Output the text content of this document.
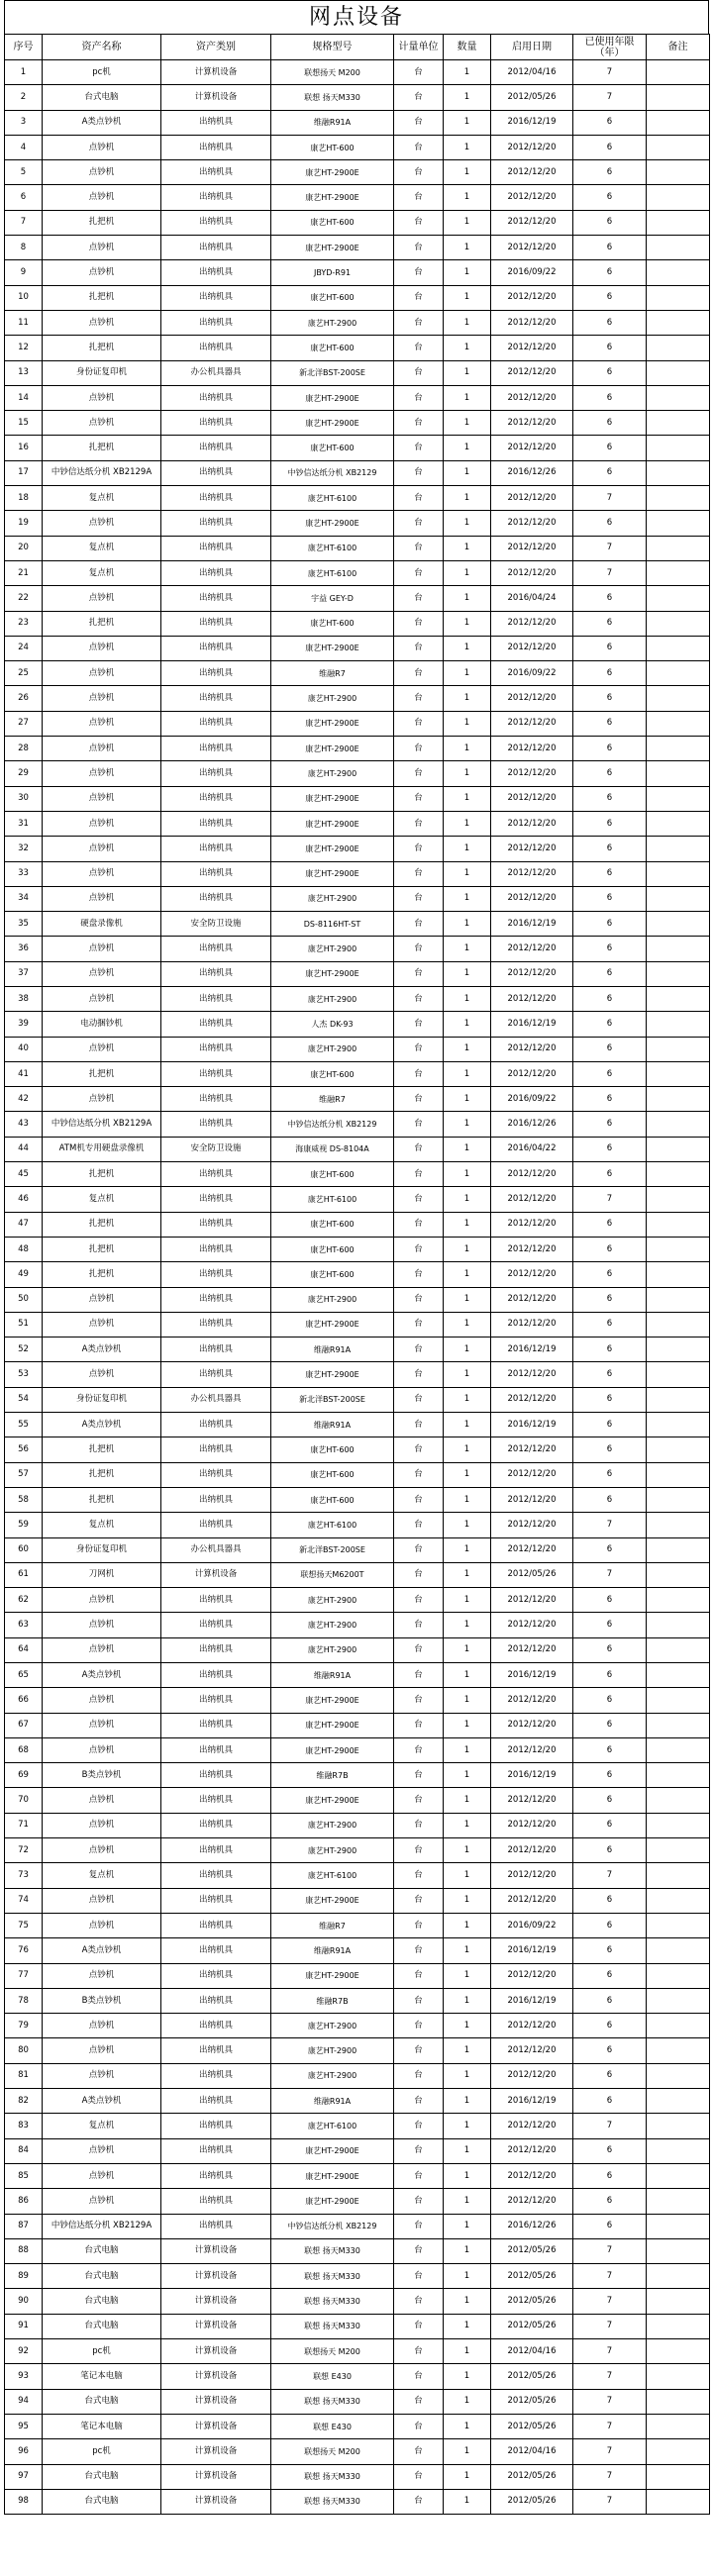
网点设备
序号	资产名称	资产类别	规格型号	计量单位	数量	启用日期	已使用年限（年）	备注
1	pc机	计算机设备	联想扬天 M200	台	1	2012/04/16	7	
2	台式电脑	计算机设备	联想 扬天M330	台	1	2012/05/26	7	
3	A类点钞机	出纳机具	维融R91A	台	1	2016/12/19	6	
4	点钞机	出纳机具	康艺HT-600	台	1	2012/12/20	6	
5	点钞机	出纳机具	康艺HT-2900E	台	1	2012/12/20	6	
6	点钞机	出纳机具	康艺HT-2900E	台	1	2012/12/20	6	
7	扎把机	出纳机具	康艺HT-600	台	1	2012/12/20	6	
8	点钞机	出纳机具	康艺HT-2900E	台	1	2012/12/20	6	
9	点钞机	出纳机具	JBYD-R91	台	1	2016/09/22	6	
10	扎把机	出纳机具	康艺HT-600	台	1	2012/12/20	6	
11	点钞机	出纳机具	康艺HT-2900	台	1	2012/12/20	6	
12	扎把机	出纳机具	康艺HT-600	台	1	2012/12/20	6	
13	身份证复印机	办公机具器具	新北洋BST-200SE	台	1	2012/12/20	6	
14	点钞机	出纳机具	康艺HT-2900E	台	1	2012/12/20	6	
15	点钞机	出纳机具	康艺HT-2900E	台	1	2012/12/20	6	
16	扎把机	出纳机具	康艺HT-600	台	1	2012/12/20	6	
17	中钞信达纸分机 XB2129A	出纳机具	中钞信达纸分机 XB2129	台	1	2016/12/26	6	
18	复点机	出纳机具	康艺HT-6100	台	1	2012/12/20	7	
19	点钞机	出纳机具	康艺HT-2900E	台	1	2012/12/20	6	
20	复点机	出纳机具	康艺HT-6100	台	1	2012/12/20	7	
21	复点机	出纳机具	康艺HT-6100	台	1	2012/12/20	7	
22	点钞机	出纳机具	宇益 GEY-D	台	1	2016/04/24	6	
23	扎把机	出纳机具	康艺HT-600	台	1	2012/12/20	6	
24	点钞机	出纳机具	康艺HT-2900E	台	1	2012/12/20	6	
25	点钞机	出纳机具	维融R7	台	1	2016/09/22	6	
26	点钞机	出纳机具	康艺HT-2900	台	1	2012/12/20	6	
27	点钞机	出纳机具	康艺HT-2900E	台	1	2012/12/20	6	
28	点钞机	出纳机具	康艺HT-2900E	台	1	2012/12/20	6	
29	点钞机	出纳机具	康艺HT-2900	台	1	2012/12/20	6	
30	点钞机	出纳机具	康艺HT-2900E	台	1	2012/12/20	6	
31	点钞机	出纳机具	康艺HT-2900E	台	1	2012/12/20	6	
32	点钞机	出纳机具	康艺HT-2900E	台	1	2012/12/20	6	
33	点钞机	出纳机具	康艺HT-2900E	台	1	2012/12/20	6	
34	点钞机	出纳机具	康艺HT-2900	台	1	2012/12/20	6	
35	硬盘录像机	安全防卫设施	DS-8116HT-ST	台	1	2016/12/19	6	
36	点钞机	出纳机具	康艺HT-2900	台	1	2012/12/20	6	
37	点钞机	出纳机具	康艺HT-2900E	台	1	2012/12/20	6	
38	点钞机	出纳机具	康艺HT-2900	台	1	2012/12/20	6	
39	电动捆钞机	出纳机具	人杰 DK-93	台	1	2016/12/19	6	
40	点钞机	出纳机具	康艺HT-2900	台	1	2012/12/20	6	
41	扎把机	出纳机具	康艺HT-600	台	1	2012/12/20	6	
42	点钞机	出纳机具	维融R7	台	1	2016/09/22	6	
43	中钞信达纸分机 XB2129A	出纳机具	中钞信达纸分机 XB2129	台	1	2016/12/26	6	
44	ATM机专用硬盘录像机	安全防卫设施	海康威视 DS-8104A	台	1	2016/04/22	6	
45	扎把机	出纳机具	康艺HT-600	台	1	2012/12/20	6	
46	复点机	出纳机具	康艺HT-6100	台	1	2012/12/20	7	
47	扎把机	出纳机具	康艺HT-600	台	1	2012/12/20	6	
48	扎把机	出纳机具	康艺HT-600	台	1	2012/12/20	6	
49	扎把机	出纳机具	康艺HT-600	台	1	2012/12/20	6	
50	点钞机	出纳机具	康艺HT-2900	台	1	2012/12/20	6	
51	点钞机	出纳机具	康艺HT-2900E	台	1	2012/12/20	6	
52	A类点钞机	出纳机具	维融R91A	台	1	2016/12/19	6	
53	点钞机	出纳机具	康艺HT-2900E	台	1	2012/12/20	6	
54	身份证复印机	办公机具器具	新北洋BST-200SE	台	1	2012/12/20	6	
55	A类点钞机	出纳机具	维融R91A	台	1	2016/12/19	6	
56	扎把机	出纳机具	康艺HT-600	台	1	2012/12/20	6	
57	扎把机	出纳机具	康艺HT-600	台	1	2012/12/20	6	
58	扎把机	出纳机具	康艺HT-600	台	1	2012/12/20	6	
59	复点机	出纳机具	康艺HT-6100	台	1	2012/12/20	7	
60	身份证复印机	办公机具器具	新北洋BST-200SE	台	1	2012/12/20	6	
61	刀网机	计算机设备	联想扬天M6200T	台	1	2012/05/26	7	
62	点钞机	出纳机具	康艺HT-2900	台	1	2012/12/20	6	
63	点钞机	出纳机具	康艺HT-2900	台	1	2012/12/20	6	
64	点钞机	出纳机具	康艺HT-2900	台	1	2012/12/20	6	
65	A类点钞机	出纳机具	维融R91A	台	1	2016/12/19	6	
66	点钞机	出纳机具	康艺HT-2900E	台	1	2012/12/20	6	
67	点钞机	出纳机具	康艺HT-2900E	台	1	2012/12/20	6	
68	点钞机	出纳机具	康艺HT-2900E	台	1	2012/12/20	6	
69	B类点钞机	出纳机具	维融R7B	台	1	2016/12/19	6	
70	点钞机	出纳机具	康艺HT-2900E	台	1	2012/12/20	6	
71	点钞机	出纳机具	康艺HT-2900	台	1	2012/12/20	6	
72	点钞机	出纳机具	康艺HT-2900	台	1	2012/12/20	6	
73	复点机	出纳机具	康艺HT-6100	台	1	2012/12/20	7	
74	点钞机	出纳机具	康艺HT-2900E	台	1	2012/12/20	6	
75	点钞机	出纳机具	维融R7	台	1	2016/09/22	6	
76	A类点钞机	出纳机具	维融R91A	台	1	2016/12/19	6	
77	点钞机	出纳机具	康艺HT-2900E	台	1	2012/12/20	6	
78	B类点钞机	出纳机具	维融R7B	台	1	2016/12/19	6	
79	点钞机	出纳机具	康艺HT-2900	台	1	2012/12/20	6	
80	点钞机	出纳机具	康艺HT-2900	台	1	2012/12/20	6	
81	点钞机	出纳机具	康艺HT-2900	台	1	2012/12/20	6	
82	A类点钞机	出纳机具	维融R91A	台	1	2016/12/19	6	
83	复点机	出纳机具	康艺HT-6100	台	1	2012/12/20	7	
84	点钞机	出纳机具	康艺HT-2900E	台	1	2012/12/20	6	
85	点钞机	出纳机具	康艺HT-2900E	台	1	2012/12/20	6	
86	点钞机	出纳机具	康艺HT-2900E	台	1	2012/12/20	6	
87	中钞信达纸分机 XB2129A	出纳机具	中钞信达纸分机 XB2129	台	1	2016/12/26	6	
88	台式电脑	计算机设备	联想 扬天M330	台	1	2012/05/26	7	
89	台式电脑	计算机设备	联想 扬天M330	台	1	2012/05/26	7	
90	台式电脑	计算机设备	联想 扬天M330	台	1	2012/05/26	7	
91	台式电脑	计算机设备	联想 扬天M330	台	1	2012/05/26	7	
92	pc机	计算机设备	联想扬天 M200	台	1	2012/04/16	7	
93	笔记本电脑	计算机设备	联想 E430	台	1	2012/05/26	7	
94	台式电脑	计算机设备	联想 扬天M330	台	1	2012/05/26	7	
95	笔记本电脑	计算机设备	联想 E430	台	1	2012/05/26	7	
96	pc机	计算机设备	联想扬天 M200	台	1	2012/04/16	7	
97	台式电脑	计算机设备	联想 扬天M330	台	1	2012/05/26	7	
98	台式电脑	计算机设备	联想 扬天M330	台	1	2012/05/26	7	
